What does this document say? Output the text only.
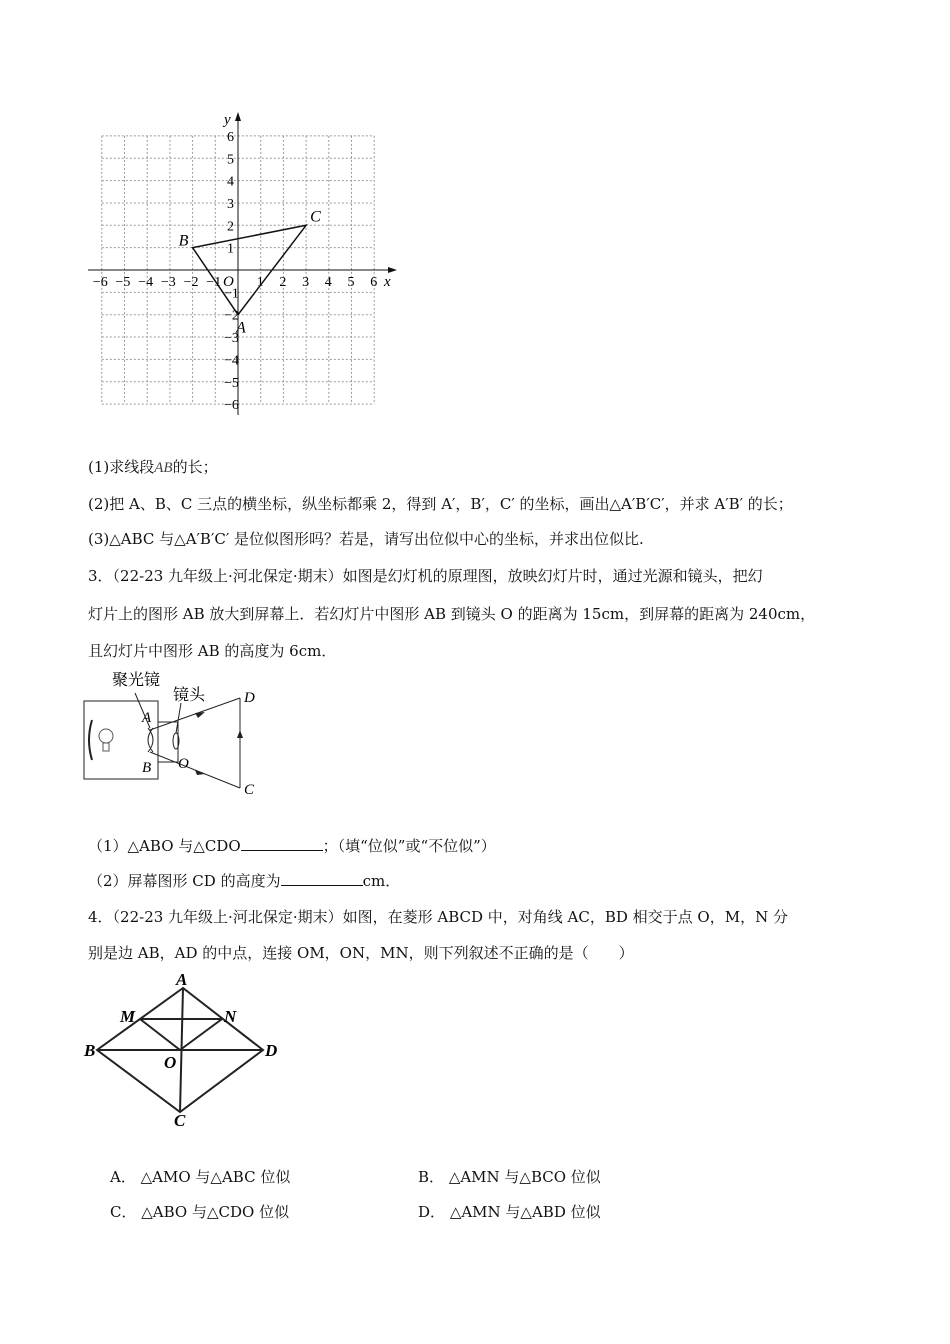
x
y
O
−6 −5 −4 −3 −2 −1	1 2 3 4 5 6
6
5
4
3
2
1
−1
−2
−3
−4
−5
−6
A
B
C
(1)求线段AB的长；
(2)把 A、B、C 三点的横坐标，纵坐标都乘 2，得到 A′，B′，C′ 的坐标，画出△A′B′C′，并求 A′B′ 的长；
(3)△ABC 与△A′B′C′ 是位似图形吗？若是，请写出位似中心的坐标，并求出位似比.
3．（22-23 九年级上·河北保定·期末）如图是幻灯机的原理图，放映幻灯片时，通过光源和镜头，把幻
灯片上的图形 AB 放大到屏幕上．若幻灯片中图形 AB 到镜头 O 的距离为 15cm，到屏幕的距离为 240cm，
且幻灯片中图形 AB 的高度为 6cm．
聚光镜
镜头
A
B O
D
C
（1）△ABO 与△CDO	；（填“位似”或“不位似”）
（2）屏幕图形 CD 的高度为	cm．
4．（22-23 九年级上·河北保定·期末）如图，在菱形 ABCD 中，对角线 AC，BD 相交于点 O，M，N 分
别是边 AB，AD 的中点，连接 OM，ON，MN，则下列叙述不正确的是（　　）
A
B
C
D
M	N
O
A． △AMO 与△ABC 位似	B． △AMN 与△BCO 位似
C． △ABO 与△CDO 位似	D． △AMN 与△ABD 位似
